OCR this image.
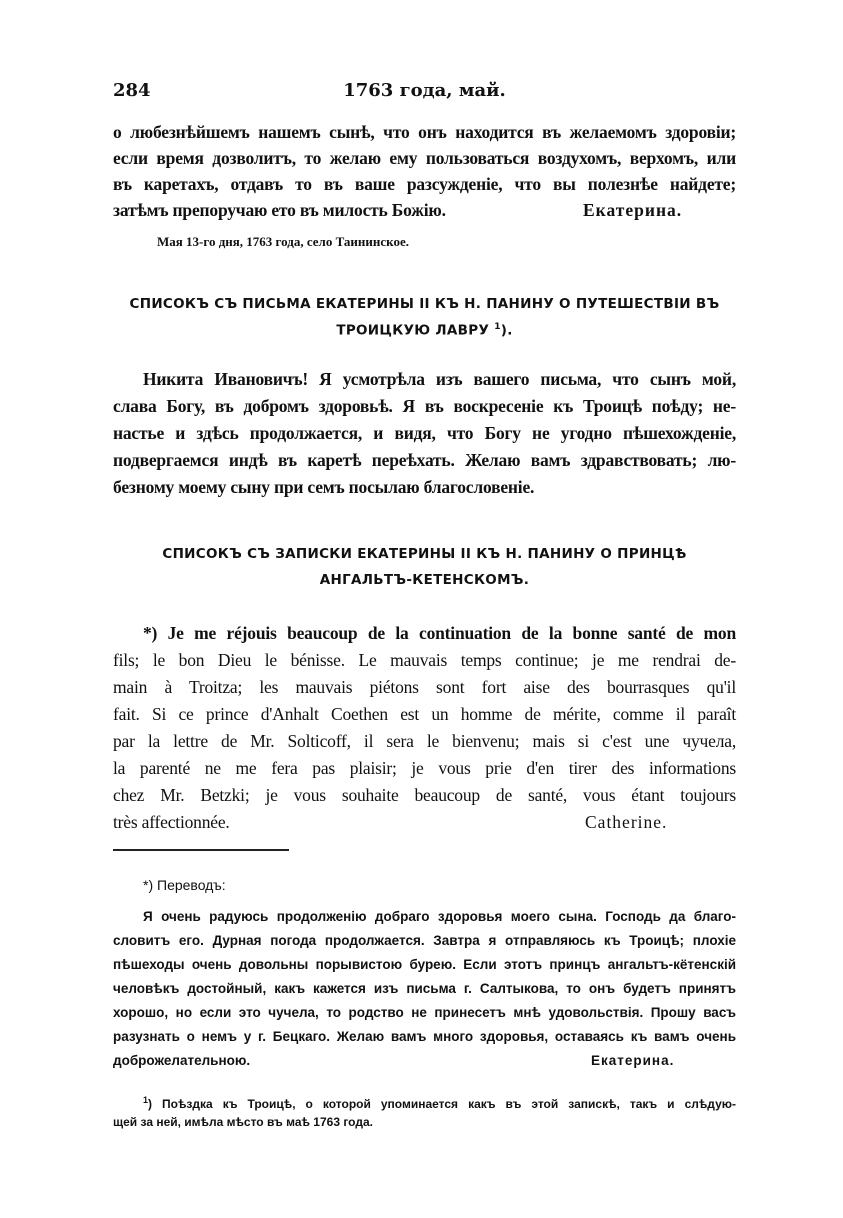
284	1763 года, май.
о любезнѣйшемъ нашемъ сынѣ, что онъ находится въ желаемомъ здоровіи;
если время дозволитъ, то желаю ему пользоваться воздухомъ, верхомъ, или
въ каретахъ, отдавъ то въ ваше разсужденіе, что вы полезнѣе найдете;
затѣмъ препоручаю ето въ милость Божію.	Екатерина.
Мая 13-го дня, 1763 года, село Таининское.
СПИСОКЪ СЪ ПИСЬМА ЕКАТЕРИНЫ II КЪ Н. ПАНИНУ О ПУТЕШЕСТВІИ ВЪ
ТРОИЦКУЮ ЛАВРУ $^1$).
Никита Ивановичъ! Я усмотрѣла изъ вашего письма, что сынъ мой,
слава Богу, въ добромъ здоровьѣ. Я въ воскресеніе къ Троицѣ поѣду; не-
настье и здѣсь продолжается, и видя, что Богу не угодно пѣшехожденіе,
подвергаемся индѣ въ каретѣ переѣхать. Желаю вамъ здравствовать; лю-
безному моему сыну при семъ посылаю благословеніе.
СПИСОКЪ СЪ ЗАПИСКИ ЕКАТЕРИНЫ II КЪ Н. ПАНИНУ О ПРИНЦѢ
АНГАЛЬТЪ-КЕТЕНСКОМЪ.
*) Je me réjouis beaucoup de la continuation de la bonne santé de mon
fils; le bon Dieu le bénisse. Le mauvais temps continue; je me rendrai de-
main à Troitza; les mauvais piétons sont fort aise des bourrasques qu'il
fait. Si ce prince d'Anhalt Coethen est un homme de mérite, comme il paraît
par la lettre de Mr. Solticoff, il sera le bienvenu; mais si c'est une чучела,
la parenté ne me fera pas plaisir; je vous prie d'en tirer des informations
chez Mr. Betzki; je vous souhaite beaucoup de santé, vous étant toujours
très affectionnée.	Catherine.
*) Переводъ:
Я очень радуюсь продолженію добраго здоровья моего сына. Господь да благо-
словитъ его. Дурная погода продолжается. Завтра я отправляюсь къ Троицѣ; плохіе
пѣшеходы очень довольны порывистою бурею. Если этотъ принцъ ангальтъ-кётенскій
человѣкъ достойный, какъ кажется изъ письма г. Салтыкова, то онъ будетъ принятъ
хорошо, но если это чучела, то родство не принесетъ мнѣ удовольствія. Прошу васъ
разузнать о немъ у г. Бецкаго. Желаю вамъ много здоровья, оставаясь къ вамъ очень
доброжелательною.	Екатерина.
$^1$) Поѣздка къ Троицѣ, о которой упоминается какъ въ этой запискѣ, такъ и слѣдую-
щей за ней, имѣла мѣсто въ маѣ 1763 года.
